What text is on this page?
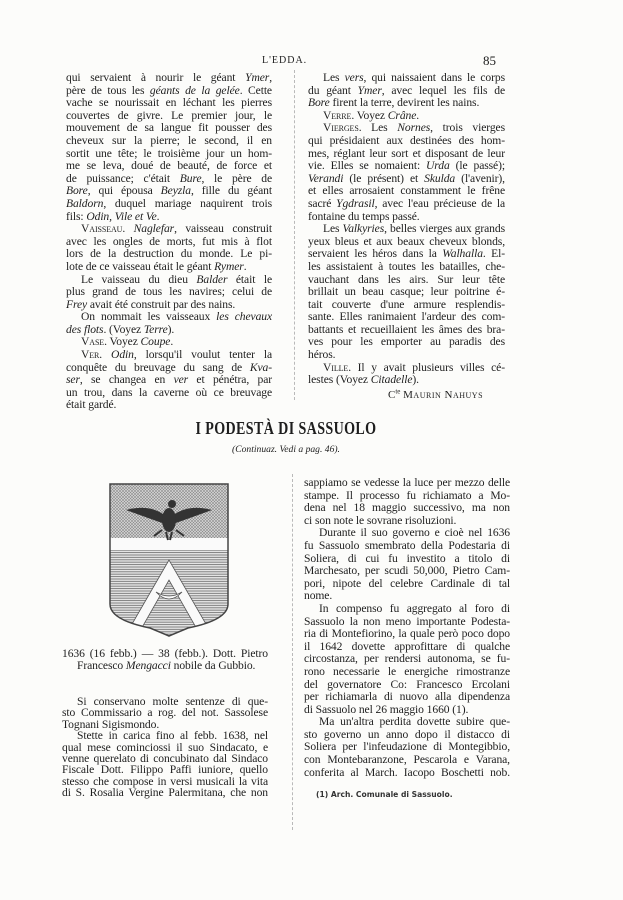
L'EDDA.	85
qui servaient à nourir le géant Ymer,
père de tous les géants de la gelée. Cette
vache se nourissait en léchant les pierres
couvertes de givre. Le premier jour, le
mouvement de sa langue fit pousser des
cheveux sur la pierre; le second, il en
sortit une tête; le troisième jour un hom-
me se leva, doué de beauté, de force et
de puissance; c'était Bure, le père de
Bore, qui épousa Beyzla, fille du géant
Baldorn, duquel mariage naquirent trois
fils: Odin, Vile et Ve.
Vaisseau. Naglefar, vaisseau construit
avec les ongles de morts, fut mis à flot
lors de la destruction du monde. Le pi-
lote de ce vaisseau était le géant Rymer.
Le vaisseau du dieu Balder était le
plus grand de tous les navires; celui de
Frey avait été construit par des nains.
On nommait les vaisseaux les chevaux
des flots. (Voyez Terre).
Vase. Voyez Coupe.
Ver. Odin, lorsqu'il voulut tenter la
conquête du breuvage du sang de Kva-
ser, se changea en ver et pénétra, par
un trou, dans la caverne où ce breuvage
était gardé.
Les vers, qui naissaient dans le corps
du géant Ymer, avec lequel les fils de
Bore firent la terre, devirent les nains.
Verre. Voyez Crâne.
Vierges. Les Nornes, trois vierges
qui présidaient aux destinées des hom-
mes, réglant leur sort et disposant de leur
vie. Elles se nomaient: Urda (le passé);
Verandi (le présent) et Skulda (l'avenir),
et elles arrosaient constamment le frêne
sacré Ygdrasil, avec l'eau précieuse de la
fontaine du temps passé.
Les Valkyries, belles vierges aux grands
yeux bleus et aux beaux cheveux blonds,
servaient les héros dans la Walhalla. El-
les assistaient à toutes les batailles, che-
vauchant dans les airs. Sur leur tête
brillait un beau casque; leur poitrine é-
tait couverte d'une armure resplendis-
sante. Elles ranimaient l'ardeur des com-
battants et recueillaient les âmes des bra-
ves pour les emporter au paradis des
héros.
Ville. Il y avait plusieurs villes cé-
lestes (Voyez Citadelle).
$C^{te}$ Maurin Nahuys
I PODESTÀ DI SASSUOLO
(Continuaz. Vedi a pag. 46).
1636 (16 febb.) — 38 (febb.). Dott. Pietro
Francesco Mengacci nobile da Gubbio.
Si conservano molte sentenze di que-
sto Commissario a rog. del not. Sassolese
Tognani Sigismondo.
Stette in carica fino al febb. 1638, nel
qual mese cominciossi il suo Sindacato, e
venne querelato di concubinato dal Sindaco
Fiscale Dott. Filippo Paffi iuniore, quello
stesso che compose in versi musicali la vita
di S. Rosalia Vergine Palermitana, che non
sappiamo se vedesse la luce per mezzo delle
stampe. Il processo fu richiamato a Mo-
dena nel 18 maggio successivo, ma non
ci son note le sovrane risoluzioni.
Durante il suo governo e cioè nel 1636
fu Sassuolo smembrato della Podestaria di
Soliera, di cui fu investito a titolo di
Marchesato, per scudi 50,000, Pietro Cam-
pori, nipote del celebre Cardinale di tal
nome.
In compenso fu aggregato al foro di
Sassuolo la non meno importante Podesta-
ria di Montefiorino, la quale però poco dopo
il 1642 dovette approfittare di qualche
circostanza, per rendersi autonoma, se fu-
rono necessarie le energiche rimostranze
del governatore Co: Francesco Ercolani
per richiamarla di nuovo alla dipendenza
di Sassuolo nel 26 maggio 1660 (1).
Ma un'altra perdita dovette subire que-
sto governo un anno dopo il distacco di
Soliera per l'infeudazione di Montegibbio,
con Montebaranzone, Pescarola e Varana,
conferita al March. Iacopo Boschetti nob.
(1) Arch. Comunale di Sassuolo.
